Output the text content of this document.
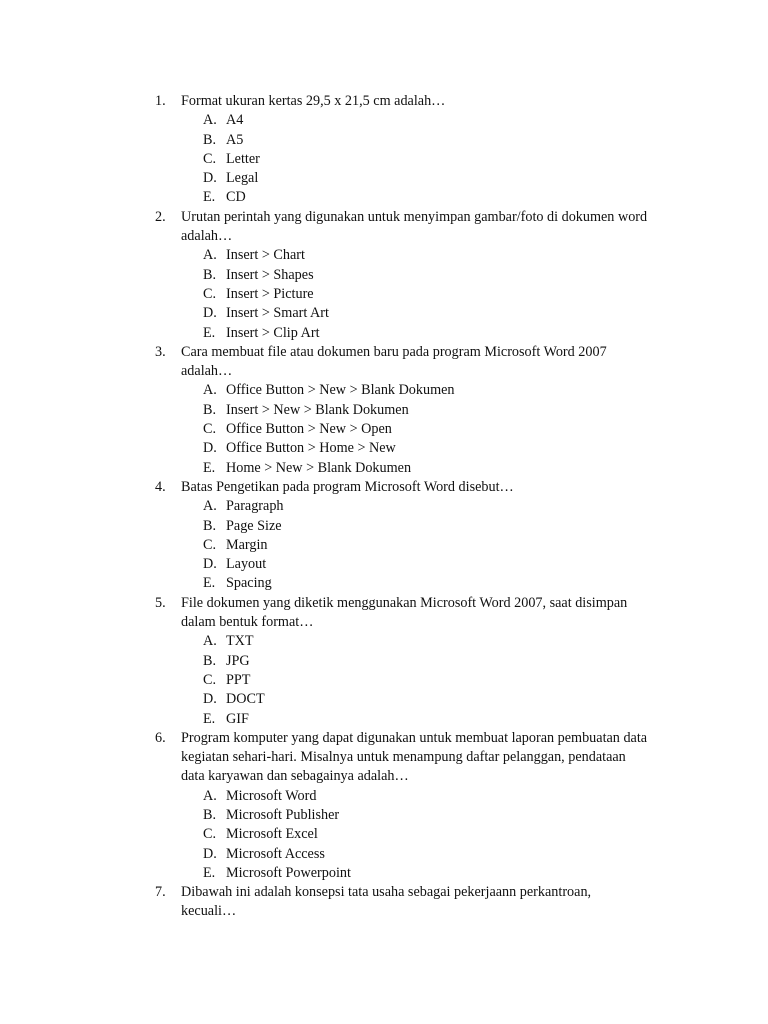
1.	Format ukuran kertas 29,5 x 21,5 cm adalah…
A. A4
B. A5
C. Letter
D. Legal
E. CD
2.	Urutan perintah yang digunakan untuk menyimpan gambar/foto di dokumen word
adalah…
A. Insert > Chart
B. Insert > Shapes
C. Insert > Picture
D. Insert > Smart Art
E. Insert > Clip Art
3.	Cara membuat file atau dokumen baru pada program Microsoft Word 2007
adalah…
A. Office Button > New > Blank Dokumen
B. Insert > New > Blank Dokumen
C. Office Button > New > Open
D. Office Button > Home > New
E. Home > New > Blank Dokumen
4.	Batas Pengetikan pada program Microsoft Word disebut…
A. Paragraph
B. Page Size
C. Margin
D. Layout
E. Spacing
5.	File dokumen yang diketik menggunakan Microsoft Word 2007, saat disimpan
dalam bentuk format…
A. TXT
B. JPG
C. PPT
D. DOCT
E. GIF
6.	Program komputer yang dapat digunakan untuk membuat laporan pembuatan data
kegiatan sehari-hari. Misalnya untuk menampung daftar pelanggan, pendataan
data karyawan dan sebagainya adalah…
A. Microsoft Word
B. Microsoft Publisher
C. Microsoft Excel
D. Microsoft Access
E. Microsoft Powerpoint
7.	Dibawah ini adalah konsepsi tata usaha sebagai pekerjaann perkantroan,
kecuali…
